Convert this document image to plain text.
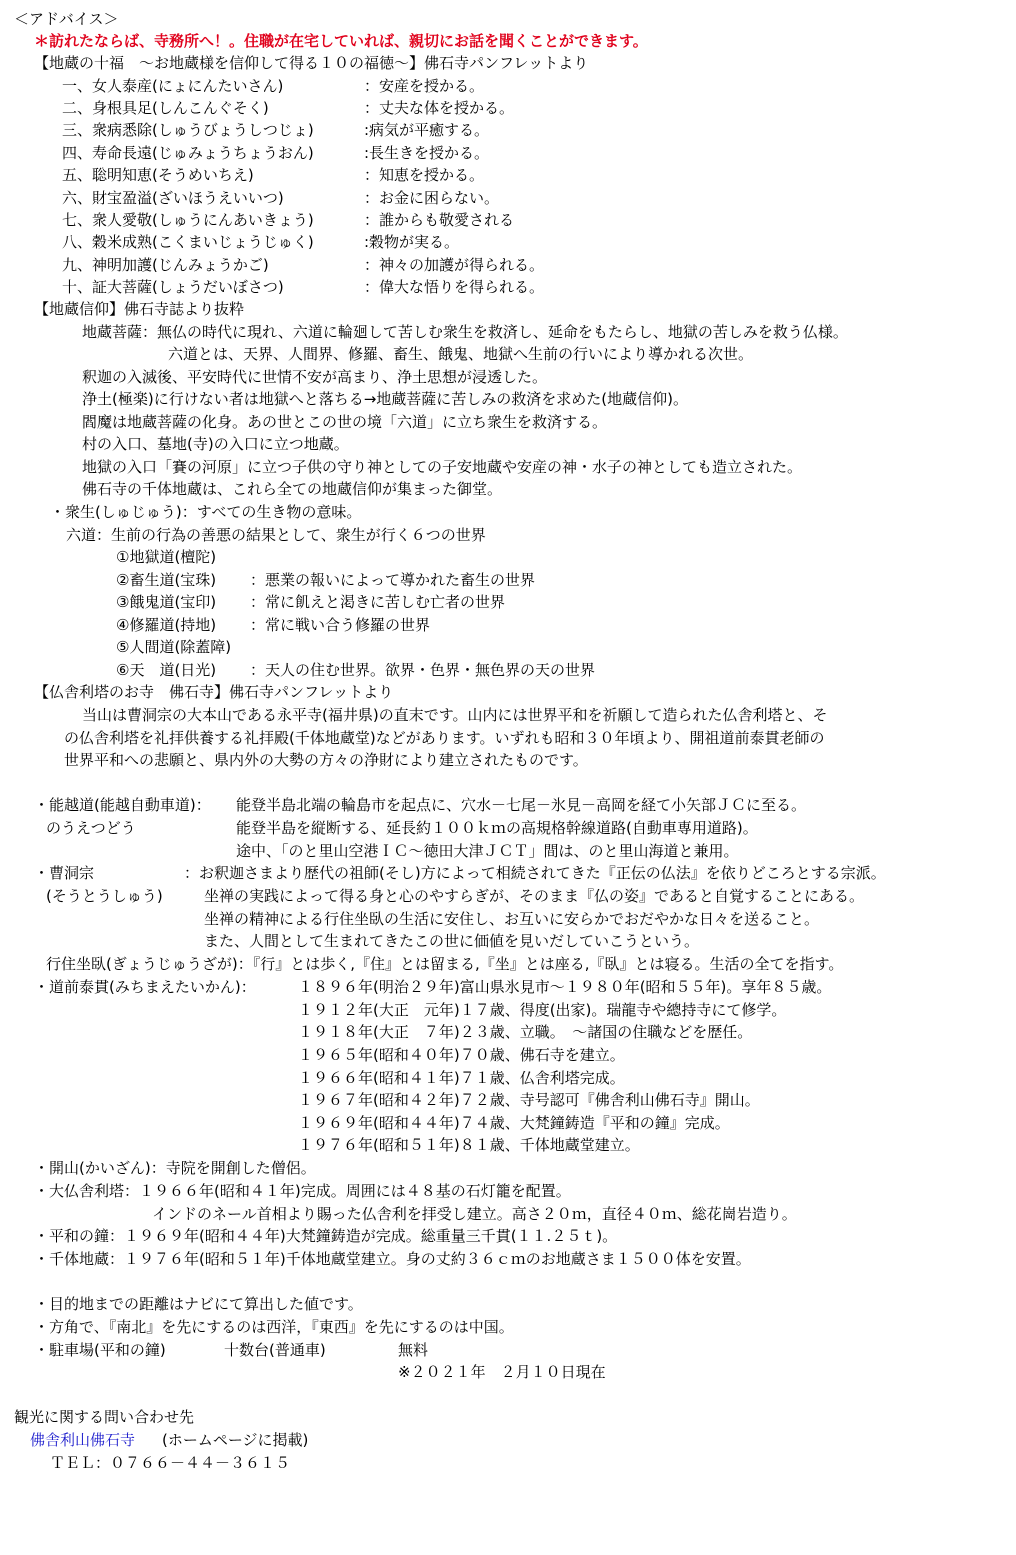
＜アドバイス＞
＊訪れたならば、寺務所へ！。住職が在宅していれば、親切にお話を聞くことができます。
【地蔵の十福　～お地蔵様を信仰して得る１０の福徳～】佛石寺パンフレットより
一、女人泰産(にょにんたいさん)	：安産を授かる。
二、身根具足(しんこんぐそく)	：丈夫な体を授かる。
三、衆病悉除(しゅうびょうしつじょ)	:病気が平癒する。
四、寿命長遠(じゅみょうちょうおん)	:長生きを授かる。
五、聡明知恵(そうめいちえ)	：知恵を授かる。
六、財宝盈溢(ざいほうえいいつ)	：お金に困らない。
七、衆人愛敬(しゅうにんあいきょう)	：誰からも敬愛される
八、穀米成熟(こくまいじょうじゅく)	:穀物が実る。
九、神明加護(じんみょうかご)	：神々の加護が得られる。
十、証大菩薩(しょうだいぼさつ)	：偉大な悟りを得られる。
【地蔵信仰】佛石寺誌より抜粋
地蔵菩薩：無仏の時代に現れ、六道に輪廻して苦しむ衆生を救済し、延命をもたらし、地獄の苦しみを救う仏様。
六道とは、天界、人間界、修羅、畜生、餓鬼、地獄へ生前の行いにより導かれる次世。
釈迦の入滅後、平安時代に世情不安が高まり、浄土思想が浸透した。
浄土(極楽)に行けない者は地獄へと落ちる→地蔵菩薩に苦しみの救済を求めた(地蔵信仰)。
閻魔は地蔵菩薩の化身。あの世とこの世の境「六道」に立ち衆生を救済する。
村の入口、墓地(寺)の入口に立つ地蔵。
地獄の入口「賽の河原」に立つ子供の守り神としての子安地蔵や安産の神・水子の神としても造立された。
佛石寺の千体地蔵は、これら全ての地蔵信仰が集まった御堂。
・衆生(しゅじゅう)：すべての生き物の意味。
六道：生前の行為の善悪の結果として、衆生が行く６つの世界
①地獄道(檀陀)
②畜生道(宝珠) ：悪業の報いによって導かれた畜生の世界
③餓鬼道(宝印) ：常に飢えと渇きに苦しむ亡者の世界
④修羅道(持地) ：常に戦い合う修羅の世界
⑤人間道(除蓋障)
⑥天　道(日光) ：天人の住む世界。欲界・色界・無色界の天の世界
【仏舎利塔のお寺　佛石寺】佛石寺パンフレットより
当山は曹洞宗の大本山である永平寺(福井県)の直末です。山内には世界平和を祈願して造られた仏舎利塔と、そ
の仏舎利塔を礼拝供養する礼拝殿(千体地蔵堂)などがあります。いずれも昭和３０年頃より、開祖道前泰貫老師の
世界平和への悲願と、県内外の大勢の方々の浄財により建立されたものです。
・能越道(能越自動車道)： 能登半島北端の輪島市を起点に、穴水－七尾－氷見－高岡を経て小矢部ＪＣに至る。
のうえつどう	能登半島を縦断する、延長約１００ｋｍの高規格幹線道路(自動車専用道路)。
途中、「のと里山空港ＩＣ～徳田大津ＪＣＴ」間は、のと里山海道と兼用。
・曹洞宗	：お釈迦さまより歴代の祖師(そし)方によって相続されてきた『正伝の仏法』を依りどころとする宗派。
(そうとうしゅう)	坐禅の実践によって得る身と心のやすらぎが、そのまま『仏の姿』であると自覚することにある。
坐禅の精神による行住坐臥の生活に安住し、お互いに安らかでおだやかな日々を送ること。
また、人間として生まれてきたこの世に価値を見いだしていこうという。
行住坐臥(ぎょうじゅうざが)：『行』とは歩く,『住』とは留まる,『坐』とは座る,『臥』とは寝る。生活の全てを指す。
・道前泰貫(みちまえたいかん)：	１８９６年(明治２９年)富山県氷見市～１９８０年(昭和５５年)。享年８５歳。
１９１２年(大正　元年)１７歳、得度(出家)。瑞龍寺や總持寺にて修学。
１９１８年(大正　７年)２３歳、立職。　～諸国の住職などを歴任。
１９６５年(昭和４０年)７０歳、佛石寺を建立。
１９６６年(昭和４１年)７１歳、仏舎利塔完成。
１９６７年(昭和４２年)７２歳、寺号認可『佛舎利山佛石寺』開山。
１９６９年(昭和４４年)７４歳、大梵鐘鋳造『平和の鐘』完成。
１９７６年(昭和５１年)８１歳、千体地蔵堂建立。
・開山(かいざん)：寺院を開創した僧侶。
・大仏舎利塔：１９６６年(昭和４１年)完成。周囲には４８基の石灯籠を配置。
インドのネール首相より賜った仏舎利を拝受し建立。高さ２０ｍ，直径４０ｍ、総花崗岩造り。
・平和の鐘：１９６９年(昭和４４年)大梵鐘鋳造が完成。総重量三千貫(１１.２５ｔ)。
・千体地蔵：１９７６年(昭和５１年)千体地蔵堂建立。身の丈約３６ｃｍのお地蔵さま１５００体を安置。
・目的地までの距離はナビにて算出した値です。
・方角で、『南北』を先にするのは西洋，『東西』を先にするのは中国。
・駐車場(平和の鐘)	十数台(普通車)	無料
※２０２１年　２月１０日現在
観光に関する問い合わせ先
佛舎利山佛石寺 (ホームページに掲載)
ＴＥＬ：０７６６－４４－３６１５
